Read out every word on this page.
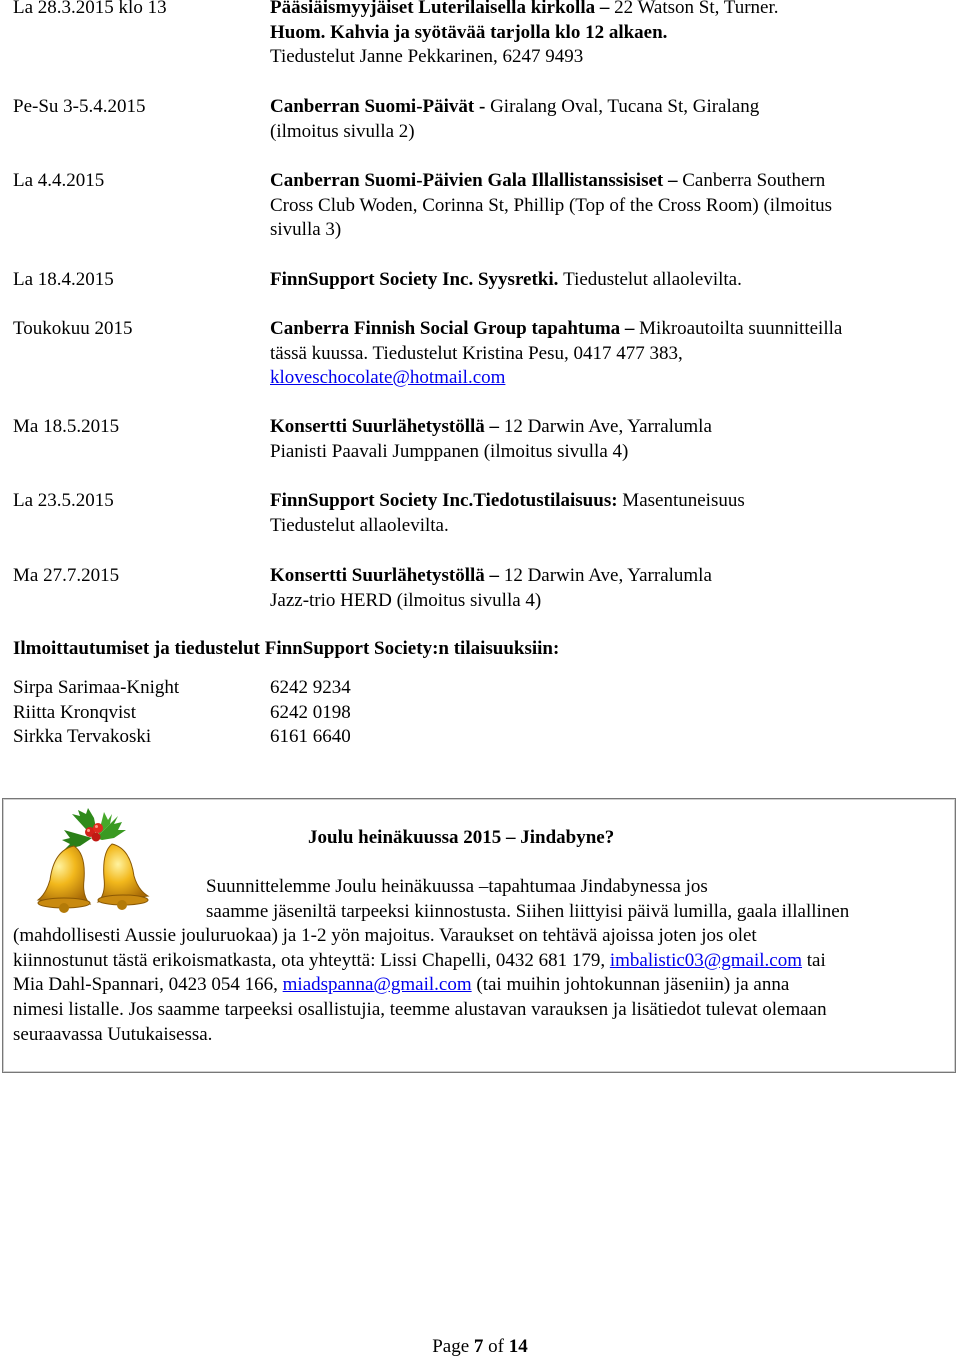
La 28.3.2015 klo 13	Pääsiäismyyjäiset Luterilaisella kirkolla – 22 Watson St, Turner.
Huom. Kahvia ja syötävää tarjolla klo 12 alkaen.
Tiedustelut Janne Pekkarinen, 6247 9493
Pe-Su 3-5.4.2015	Canberran Suomi-Päivät - Giralang Oval, Tucana St, Giralang
(ilmoitus sivulla 2)
La 4.4.2015	Canberran Suomi-Päivien Gala Illallistanssisiset – Canberra Southern
Cross Club Woden, Corinna St, Phillip (Top of the Cross Room) (ilmoitus
sivulla 3)
La 18.4.2015	FinnSupport Society Inc. Syysretki. Tiedustelut allaolevilta.
Toukokuu 2015	Canberra Finnish Social Group tapahtuma – Mikroautoilta suunnitteilla
tässä kuussa. Tiedustelut Kristina Pesu, 0417 477 383,
kloveschocolate@hotmail.com
Ma 18.5.2015	Konsertti Suurlähetystöllä – 12 Darwin Ave, Yarralumla
Pianisti Paavali Jumppanen (ilmoitus sivulla 4)
La 23.5.2015	FinnSupport Society Inc.Tiedotustilaisuus: Masentuneisuus
Tiedustelut allaolevilta.
Ma 27.7.2015	Konsertti Suurlähetystöllä – 12 Darwin Ave, Yarralumla
Jazz-trio HERD (ilmoitus sivulla 4)
Ilmoittautumiset ja tiedustelut FinnSupport Society:n tilaisuuksiin:
Sirpa Sarimaa-Knight	6242 9234
Riitta Kronqvist	6242 0198
Sirkka Tervakoski	6161 6640
Joulu heinäkuussa 2015 – Jindabyne?
Suunnittelemme Joulu heinäkuussa –tapahtumaa Jindabynessa jos
saamme jäseniltä tarpeeksi kiinnostusta. Siihen liittyisi päivä lumilla, gaala illallinen
(mahdollisesti Aussie jouluruokaa) ja 1-2 yön majoitus. Varaukset on tehtävä ajoissa joten jos olet
kiinnostunut tästä erikoismatkasta, ota yhteyttä: Lissi Chapelli, 0432 681 179, imbalistic03@gmail.com tai
Mia Dahl-Spannari, 0423 054 166, miadspanna@gmail.com (tai muihin johtokunnan jäseniin) ja anna
nimesi listalle. Jos saamme tarpeeksi osallistujia, teemme alustavan varauksen ja lisätiedot tulevat olemaan
seuraavassa Uutukaisessa.
Page 7 of 14
